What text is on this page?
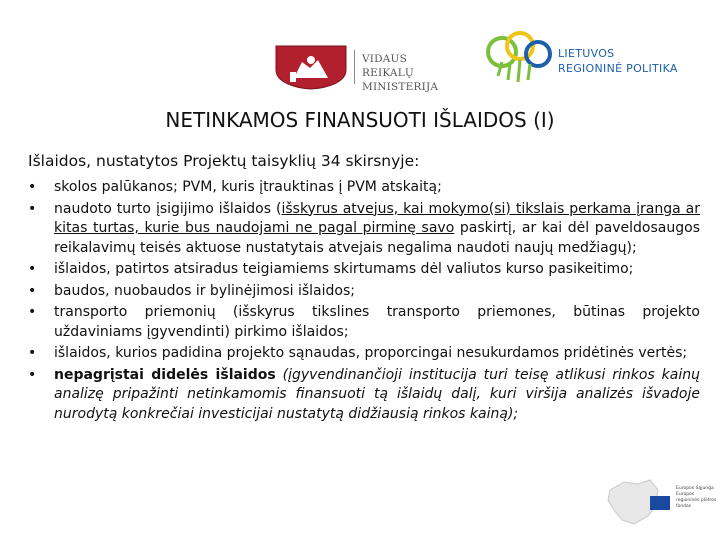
VIDAUS REIKALŲ
MINISTERIJA
LIETUVOS
REGIONINĖ POLITIKA
NETINKAMOS FINANSUOTI IŠLAIDOS (I)
Išlaidos, nustatytos Projektų taisyklių 34 skirsnyje:
• skolos palūkanos; PVM, kuris įtrauktinas į PVM atskaitą;
• naudoto turto įsigijimo išlaidos (išskyrus atvejus, kai mokymo(si) tikslais perkama įranga ar kitas turtas, kurie bus naudojami ne pagal pirminę savo paskirtį, ar kai dėl paveldosaugos reikalavimų teisės aktuose nustatytais atvejais negalima naudoti naujų medžiagų);
• išlaidos, patirtos atsiradus teigiamiems skirtumams dėl valiutos kurso pasikeitimo;
• baudos, nuobaudos ir bylinėjimosi išlaidos;
• transporto priemonių (išskyrus tikslines transporto priemones, būtinas projekto uždaviniams įgyvendinti) pirkimo išlaidos;
• išlaidos, kurios padidina projekto sąnaudas, proporcingai nesukurdamos pridėtinės vertės;
• nepagrįstai didelės išlaidos (įgyvendinančioji institucija turi teisę atlikusi rinkos kainų analizę pripažinti netinkamomis finansuoti tą išlaidų dalį, kuri viršija analizės išvadoje nurodytą konkrečiai investicijai nustatytą didžiausią rinkos kainą);
Europos Sąjunga
Europos
regioninės plėtros
fondas
